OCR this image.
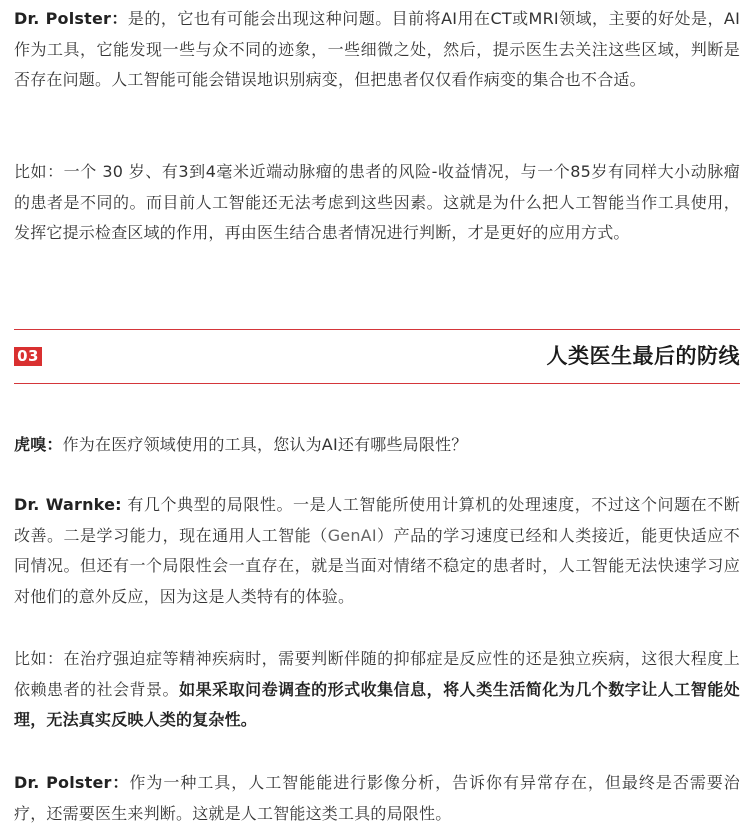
Dr. Polster：是的，它也有可能会出现这种问题。目前将AI用在CT或MRI领域，主要的好处是，AI作为工具，它能发现一些与众不同的迹象，一些细微之处，然后，提示医生去关注这些区域，判断是否存在问题。人工智能可能会错误地识别病变，但把患者仅仅看作病变的集合也不合适。

比如：一个 30 岁、有3到4毫米近端动脉瘤的患者的风险-收益情况，与一个85岁有同样大小动脉瘤的患者是不同的。而目前人工智能还无法考虑到这些因素。这就是为什么把人工智能当作工具使用，发挥它提示检查区域的作用，再由医生结合患者情况进行判断，才是更好的应用方式。

03	人类医生最后的防线

虎嗅：作为在医疗领域使用的工具，您认为AI还有哪些局限性？

Dr. Warnke: 有几个典型的局限性。一是人工智能所使用计算机的处理速度，不过这个问题在不断改善。二是学习能力，现在通用人工智能（GenAI）产品的学习速度已经和人类接近，能更快适应不同情况。但还有一个局限性会一直存在，就是当面对情绪不稳定的患者时，人工智能无法快速学习应对他们的意外反应，因为这是人类特有的体验。

比如：在治疗强迫症等精神疾病时，需要判断伴随的抑郁症是反应性的还是独立疾病，这很大程度上依赖患者的社会背景。如果采取问卷调查的形式收集信息，将人类生活简化为几个数字让人工智能处理，无法真实反映人类的复杂性。

Dr. Polster：作为一种工具，人工智能能进行影像分析，告诉你有异常存在，但最终是否需要治疗，还需要医生来判断。这就是人工智能这类工具的局限性。
